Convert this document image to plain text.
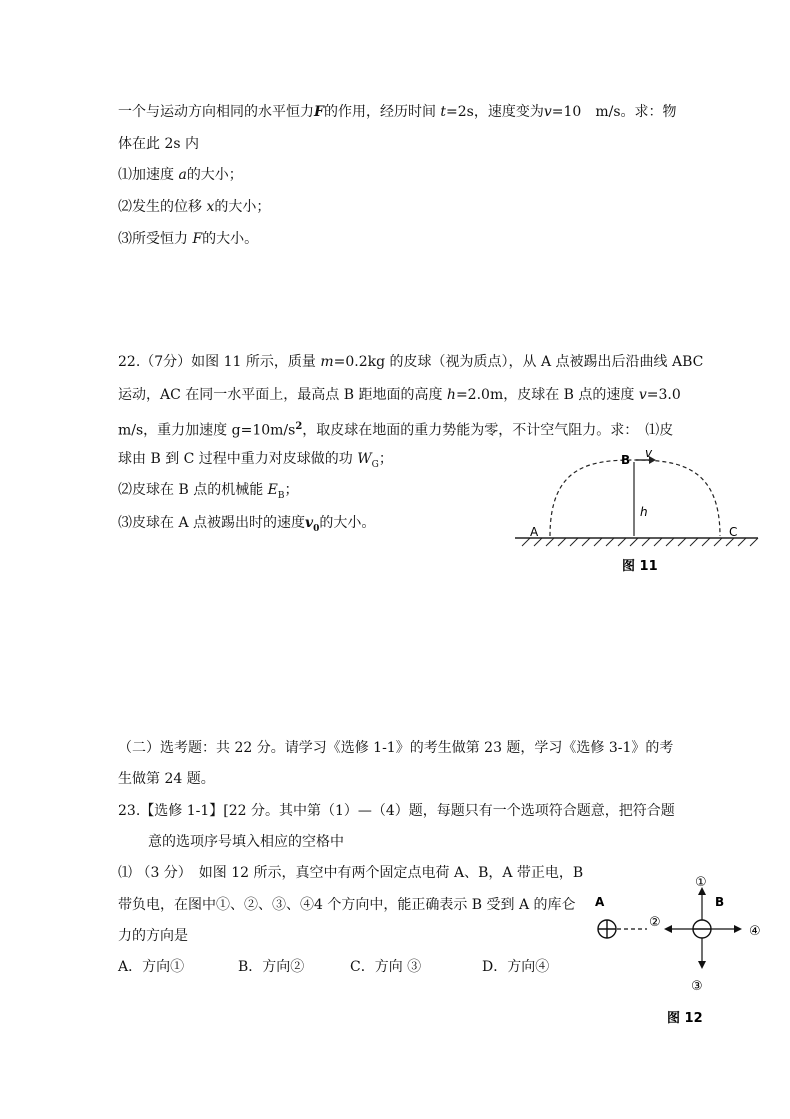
一个与运动方向相同的水平恒力F的作用，经历时间 t=2s，速度变为v=10　m/s。求：物
体在此 2s 内
⑴加速度 a的大小；
⑵发生的位移 x的大小；
⑶所受恒力 F的大小。
22.（7分）如图 11 所示，质量 m=0.2kg 的皮球（视为质点），从 A 点被踢出后沿曲线 ABC
运动，AC 在同一水平面上，最高点 B 距地面的高度 h=2.0m，皮球在 B 点的速度 v=3.0
m/s，重力加速度 $g=10m/s^2$，取皮球在地面的重力势能为零，不计空气阻力。求：　⑴皮
球由 B 到 C 过程中重力对皮球做的功 $W_G$；
⑵皮球在 B 点的机械能 $E_B$；
⑶皮球在 A 点被踢出时的速度$v_0$的大小。
B v
h
A	C
图 11
（二）选考题：共 22 分。请学习《选修 1-1》的考生做第 23 题，学习《选修 3-1》的考
生做第 24 题。
23.【选修 1-1】[22 分。其中第（1）—（4）题，每题只有一个选项符合题意，把符合题
意的选项序号填入相应的空格中
⑴ （3 分）　如图 12 所示，真空中有两个固定点电荷 A、B，A 带正电，B
带负电，在图中①、②、③、④4 个方向中，能正确表示 B 受到 A 的库仑
力的方向是
A．方向①	B．方向②	C．方向 ③	D．方向④
A	B
①
②
③
④
图 12
